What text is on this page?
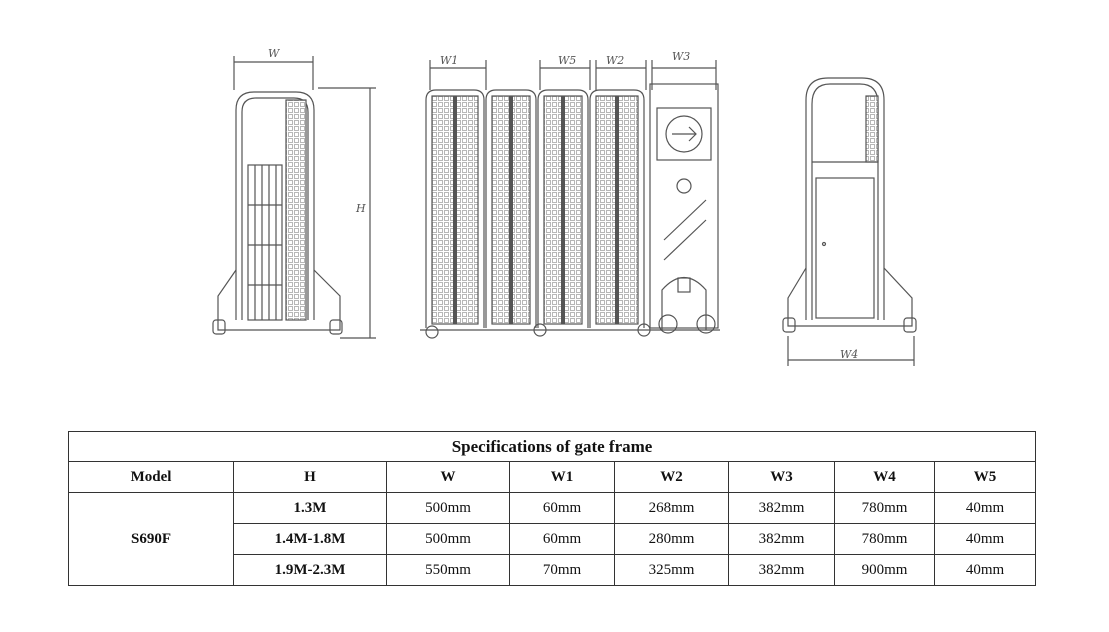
W
H
W1	W5	W2	W3
W4
Specifications of gate frame							
Model	H	W	W1	W2	W3	W4	W5
S690F	1.3M	500mm	60mm	268mm	382mm	780mm	40mm
	1.4M-1.8M	500mm	60mm	280mm	382mm	780mm	40mm
	1.9M-2.3M	550mm	70mm	325mm	382mm	900mm	40mm
